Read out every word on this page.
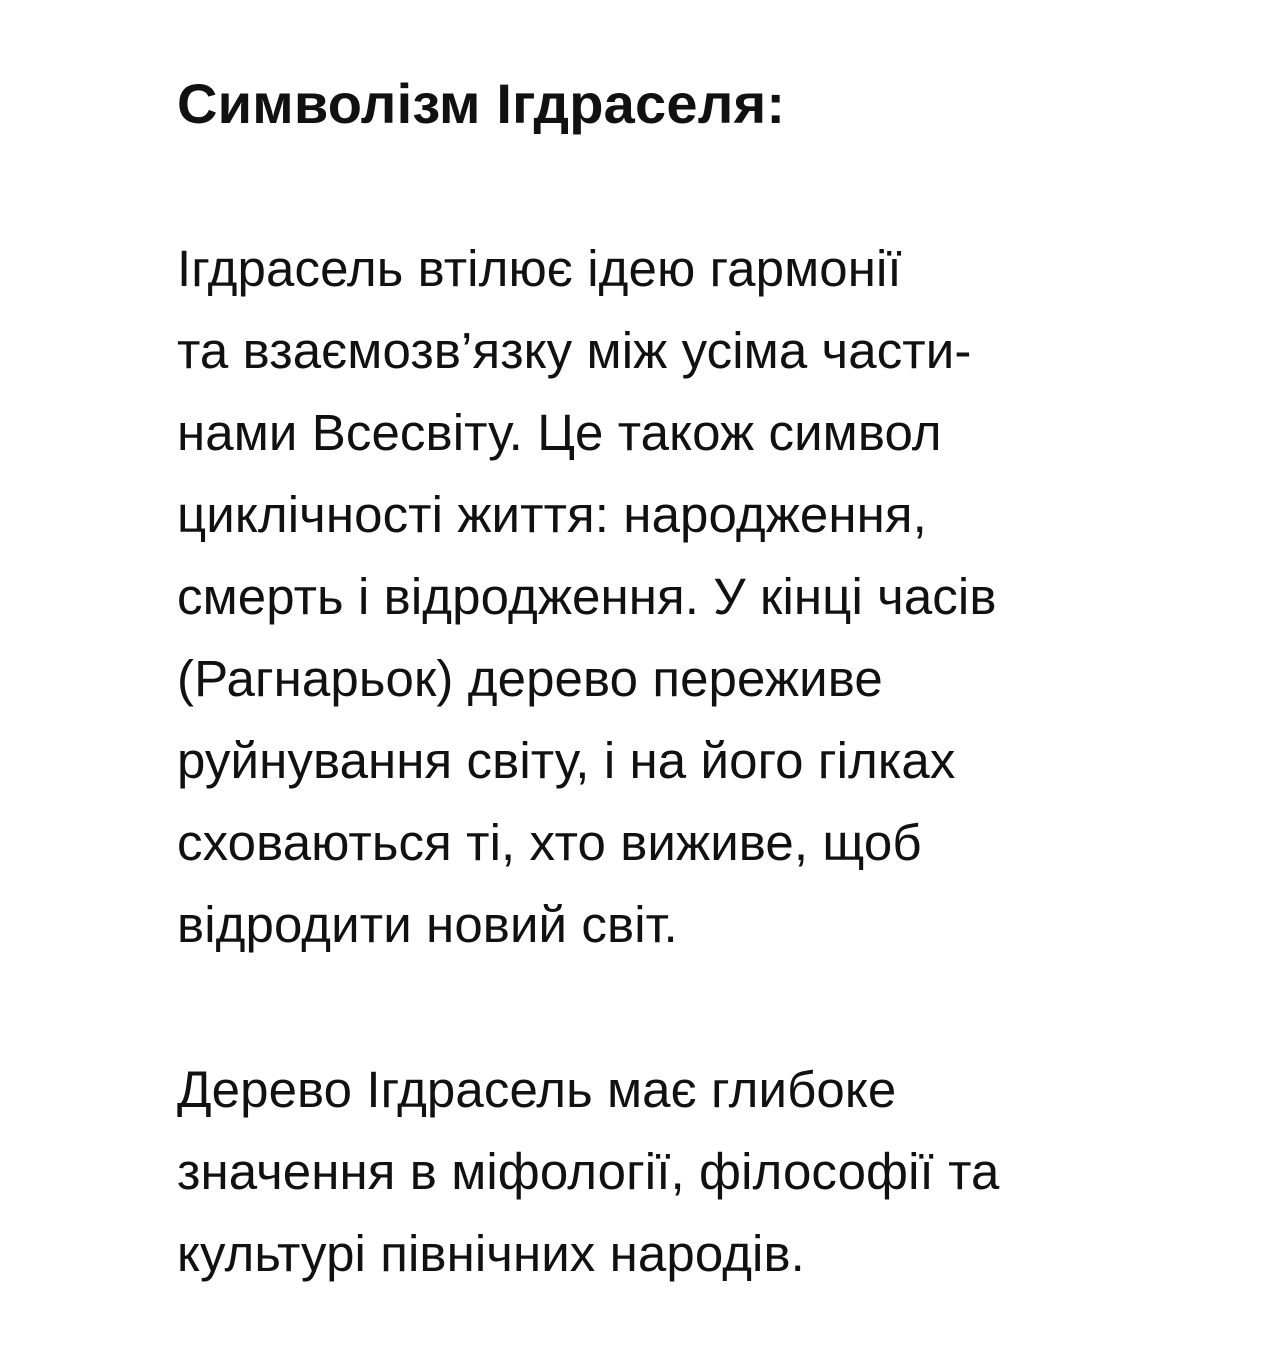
Символізм Ігдраселя:

Ігдрасель втілює ідею гармонії
та взаємозв’язку між усіма части-
нами Всесвіту. Це також символ
циклічності життя: народження,
смерть і відродження. У кінці часів
(Рагнарьок) дерево переживе
руйнування світу, і на його гілках
сховаються ті, хто виживе, щоб
відродити новий світ.

Дерево Ігдрасель має глибоке
значення в міфології, філософії та
культурі північних народів.
